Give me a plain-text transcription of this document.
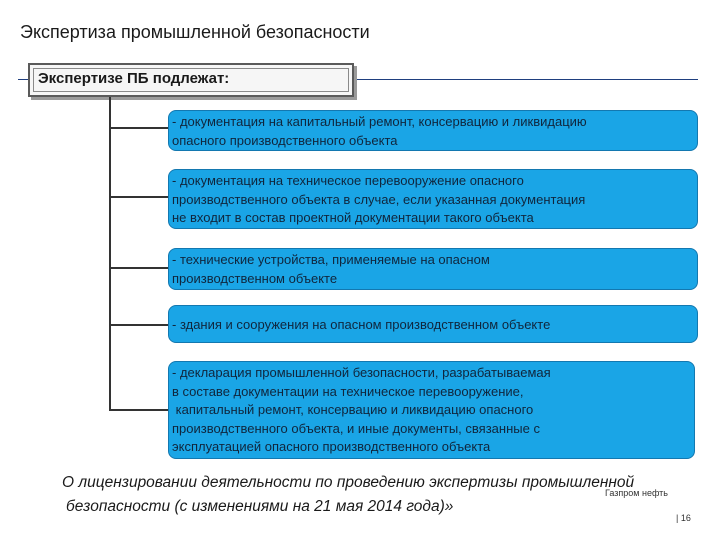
Экспертиза промышленной безопасности
Экспертизе ПБ подлежат:
- документация на капитальный ремонт, консервацию и ликвидацию
опасного производственного объекта
- документация на техническое перевооружение опасного
производственного объекта в случае, если указанная документация
не входит в состав проектной документации такого объекта
- технические устройства, применяемые на опасном
производственном объекте
- здания и сооружения на опасном производственном объекте
- декларация промышленной безопасности, разрабатываемая
в составе документации на техническое перевооружение,
капитальный ремонт, консервацию и ликвидацию опасного
производственного объекта, и иные документы, связанные с
эксплуатацией опасного производственного объекта
О лицензировании деятельности по проведению экспертизы промышленной
безопасности (с изменениями на 21 мая 2014 года)»
Газпром нефть
| 16
